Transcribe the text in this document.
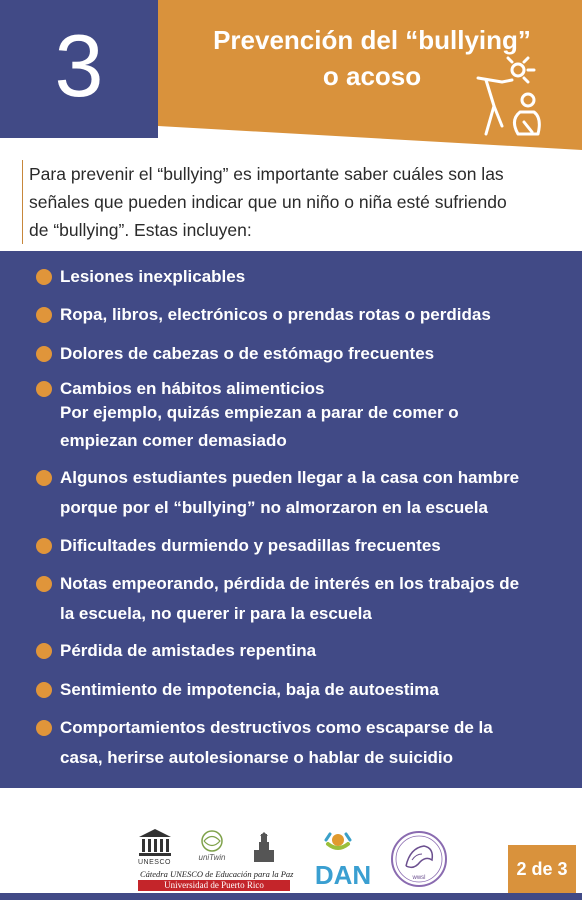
3	Prevención del “bullying”
o acoso

Para prevenir el “bullying” es importante saber cuáles son las

señales que pueden indicar que un niño o niña esté sufriendo

de “bullying”. Estas incluyen:

Lesiones inexplicables
Ropa, libros, electrónicos o prendas rotas o perdidas
Dolores de cabezas o de estómago frecuentes
Cambios en hábitos alimenticios
Por ejemplo, quizás empiezan a parar de comer o
empiezan comer demasiado
Algunos estudiantes pueden llegar a la casa con hambre
porque por el “bullying” no almorzaron en la escuela
Dificultades durmiendo y pesadillas frecuentes
Notas empeorando, pérdida de interés en los trabajos de
la escuela, no querer ir para la escuela
Pérdida de amistades repentina
Sentimiento de impotencia, baja de autoestima
Comportamientos destructivos como escaparse de la
casa, herirse autolesionarse o hablar de suicidio
UNESCO
uniTwin
Cátedra UNESCO de Educación para la Paz
Universidad de Puerto Rico	DAN	wwsl	2 de 3
